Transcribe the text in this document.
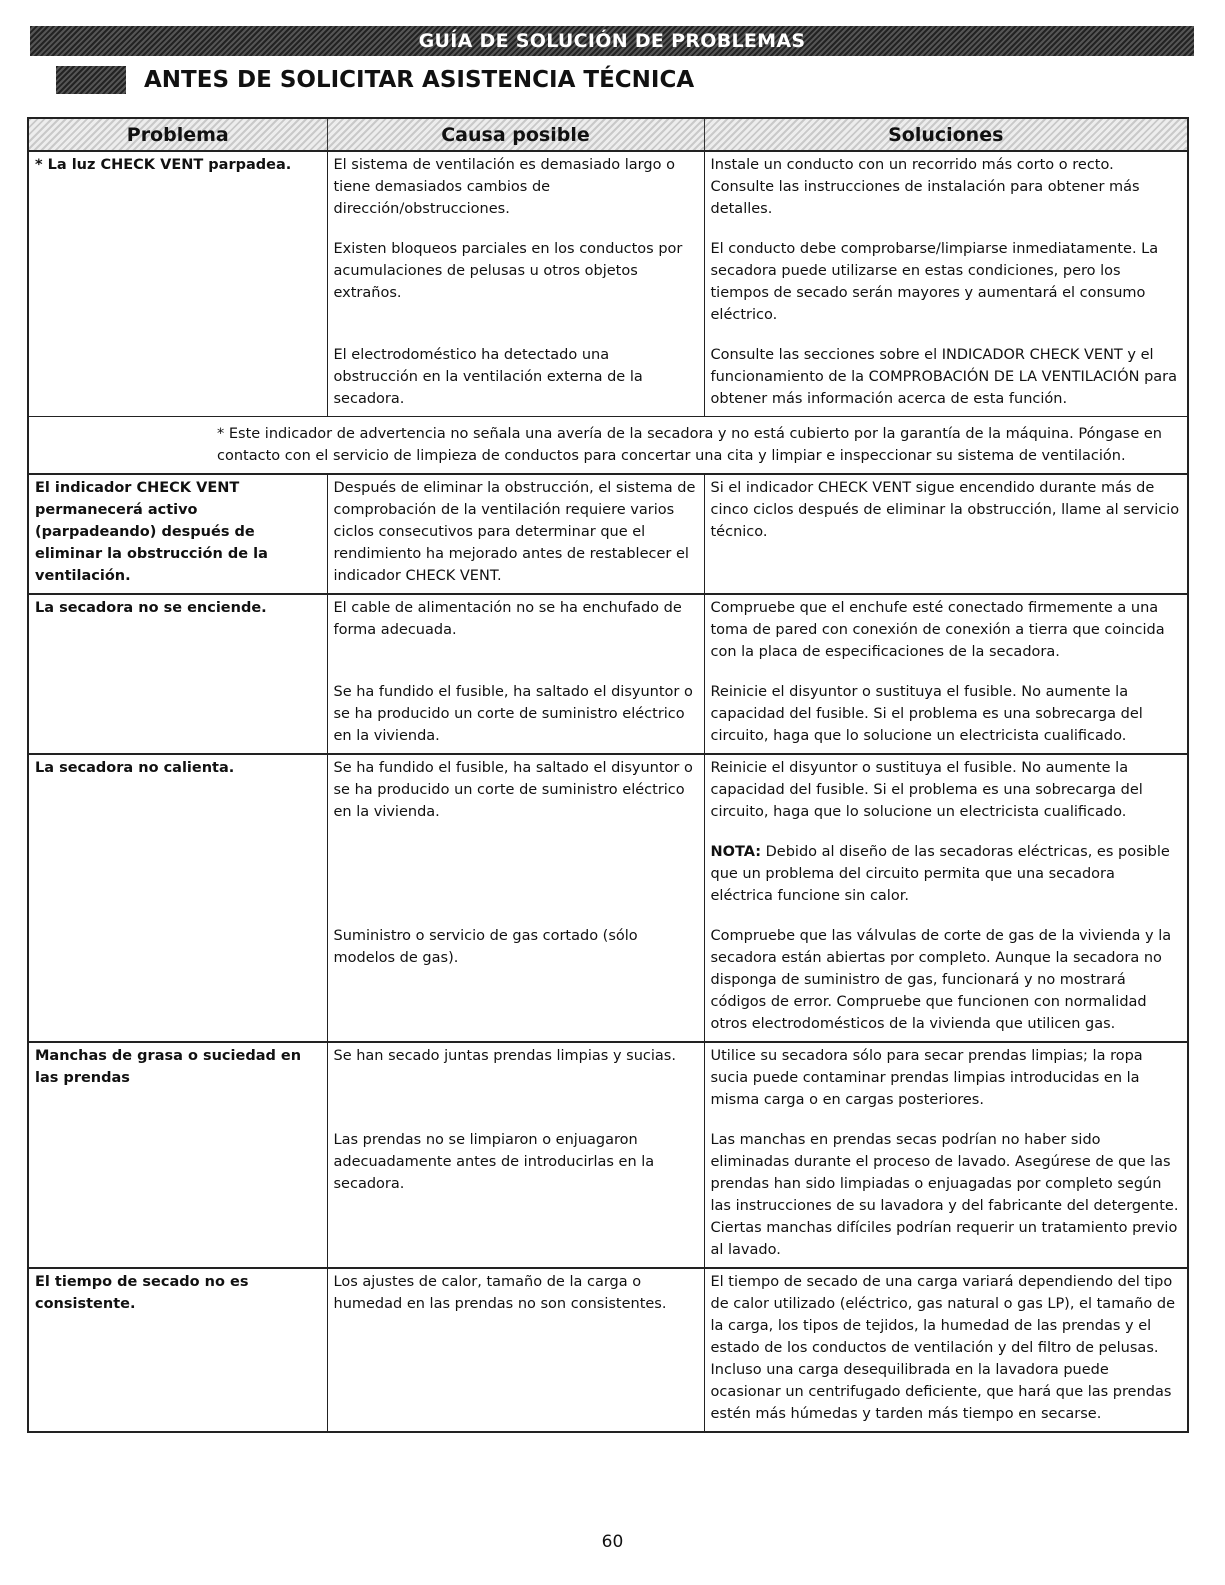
GUÍA DE SOLUCIÓN DE PROBLEMAS
ANTES DE SOLICITAR ASISTENCIA TÉCNICA
Problema	Causa posible	Soluciones
* La luz CHECK VENT parpadea.	El sistema de ventilación es demasiado largo o tiene demasiados cambios de dirección/obstrucciones.	Instale un conducto con un recorrido más corto o recto. Consulte las instrucciones de instalación para obtener más detalles.
	Existen bloqueos parciales en los conductos por acumulaciones de pelusas u otros objetos extraños.	El conducto debe comprobarse/limpiarse inmediatamente. La secadora puede utilizarse en estas condiciones, pero los tiempos de secado serán mayores y aumentará el consumo eléctrico.
	El electrodoméstico ha detectado una obstrucción en la ventilación externa de la secadora.	Consulte las secciones sobre el INDICADOR CHECK VENT y el funcionamiento de la COMPROBACIÓN DE LA VENTILACIÓN para obtener más información acerca de esta función.
* Este indicador de advertencia no señala una avería de la secadora y no está cubierto por la garantía de la máquina. Póngase en contacto con el servicio de limpieza de conductos para concertar una cita y limpiar e inspeccionar su sistema de ventilación.		
El indicador CHECK VENT permanecerá activo (parpadeando) después de eliminar la obstrucción de la ventilación.	Después de eliminar la obstrucción, el sistema de comprobación de la ventilación requiere varios ciclos consecutivos para determinar que el rendimiento ha mejorado antes de restablecer el indicador CHECK VENT.	Si el indicador CHECK VENT sigue encendido durante más de cinco ciclos después de eliminar la obstrucción, llame al servicio técnico.
La secadora no se enciende.	El cable de alimentación no se ha enchufado de forma adecuada.	Compruebe que el enchufe esté conectado firmemente a una toma de pared con conexión de conexión a tierra que coincida con la placa de especificaciones de la secadora.
	Se ha fundido el fusible, ha saltado el disyuntor o se ha producido un corte de suministro eléctrico en la vivienda.	Reinicie el disyuntor o sustituya el fusible. No aumente la capacidad del fusible. Si el problema es una sobrecarga del circuito, haga que lo solucione un electricista cualificado.
La secadora no calienta.	Se ha fundido el fusible, ha saltado el disyuntor o se ha producido un corte de suministro eléctrico en la vivienda.	Reinicie el disyuntor o sustituya el fusible. No aumente la capacidad del fusible. Si el problema es una sobrecarga del circuito, haga que lo solucione un electricista cualificado.
		NOTA: Debido al diseño de las secadoras eléctricas, es posible que un problema del circuito permita que una secadora eléctrica funcione sin calor.
	Suministro o servicio de gas cortado (sólo modelos de gas).	Compruebe que las válvulas de corte de gas de la vivienda y la secadora están abiertas por completo. Aunque la secadora no disponga de suministro de gas, funcionará y no mostrará códigos de error. Compruebe que funcionen con normalidad otros electrodomésticos de la vivienda que utilicen gas.
Manchas de grasa o suciedad en las prendas	Se han secado juntas prendas limpias y sucias.	Utilice su secadora sólo para secar prendas limpias; la ropa sucia puede contaminar prendas limpias introducidas en la misma carga o en cargas posteriores.
	Las prendas no se limpiaron o enjuagaron adecuadamente antes de introducirlas en la secadora.	Las manchas en prendas secas podrían no haber sido eliminadas durante el proceso de lavado. Asegúrese de que las prendas han sido limpiadas o enjuagadas por completo según las instrucciones de su lavadora y del fabricante del detergente. Ciertas manchas difíciles podrían requerir un tratamiento previo al lavado.
El tiempo de secado no es consistente.	Los ajustes de calor, tamaño de la carga o humedad en las prendas no son consistentes.	El tiempo de secado de una carga variará dependiendo del tipo de calor utilizado (eléctrico, gas natural o gas LP), el tamaño de la carga, los tipos de tejidos, la humedad de las prendas y el estado de los conductos de ventilación y del filtro de pelusas. Incluso una carga desequilibrada en la lavadora puede ocasionar un centrifugado deficiente, que hará que las prendas estén más húmedas y tarden más tiempo en secarse.
60
